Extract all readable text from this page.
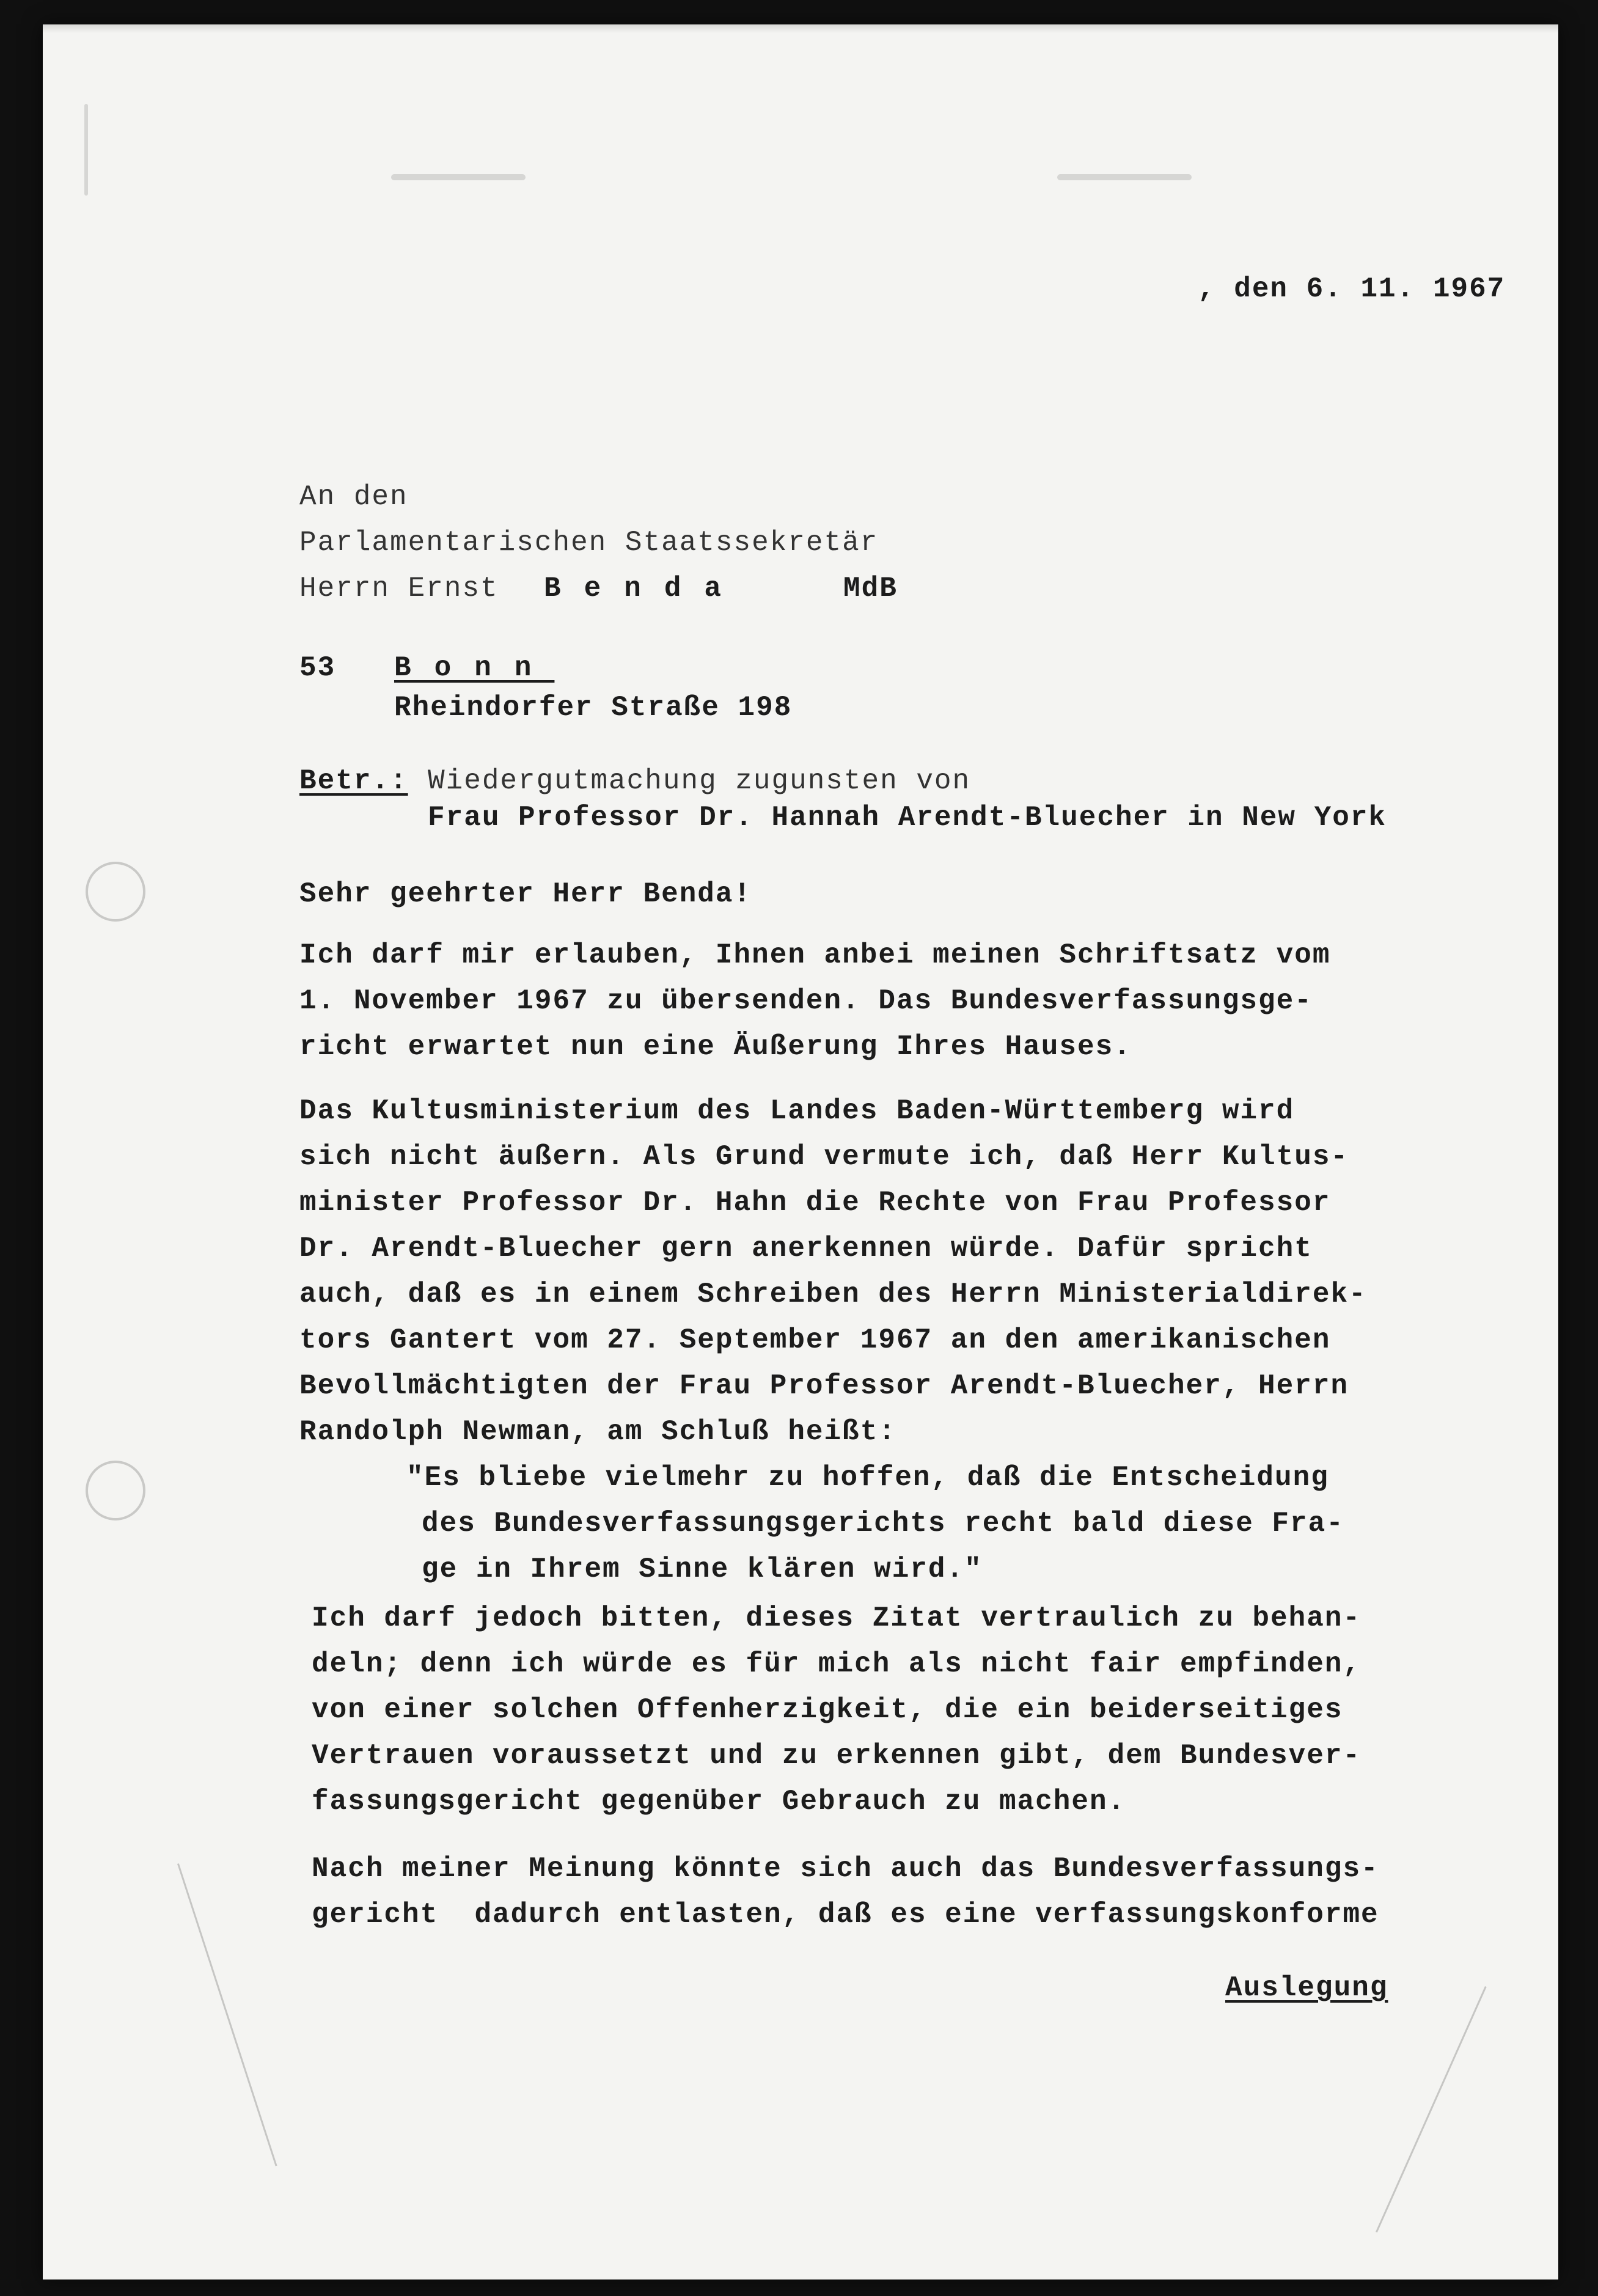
, den 6. 11. 1967
An den
Parlamentarischen Staatssekretär
Herrn Ernst Benda	MdB
53 Bonn
Rheindorfer Straße 198
Betr.: Wiedergutmachung zugunsten von
Frau Professor Dr. Hannah Arendt-Bluecher in New York
Sehr geehrter Herr Benda!
Ich darf mir erlauben, Ihnen anbei meinen Schriftsatz vom
1. November 1967 zu übersenden. Das Bundesverfassungsge-
richt erwartet nun eine Äußerung Ihres Hauses.
Das Kultusministerium des Landes Baden-Württemberg wird
sich nicht äußern. Als Grund vermute ich, daß Herr Kultus-
minister Professor Dr. Hahn die Rechte von Frau Professor
Dr. Arendt-Bluecher gern anerkennen würde. Dafür spricht
auch, daß es in einem Schreiben des Herrn Ministerialdirek-
tors Gantert vom 27. September 1967 an den amerikanischen
Bevollmächtigten der Frau Professor Arendt-Bluecher, Herrn
Randolph Newman, am Schluß heißt:
"Es bliebe vielmehr zu hoffen, daß die Entscheidung
des Bundesverfassungsgerichts recht bald diese Fra-
ge in Ihrem Sinne klären wird."
Ich darf jedoch bitten, dieses Zitat vertraulich zu behan-
deln; denn ich würde es für mich als nicht fair empfinden,
von einer solchen Offenherzigkeit, die ein beiderseitiges
Vertrauen voraussetzt und zu erkennen gibt, dem Bundesver-
fassungsgericht gegenüber Gebrauch zu machen.
Nach meiner Meinung könnte sich auch das Bundesverfassungs-
gericht  dadurch entlasten, daß es eine verfassungskonforme
Auslegung
